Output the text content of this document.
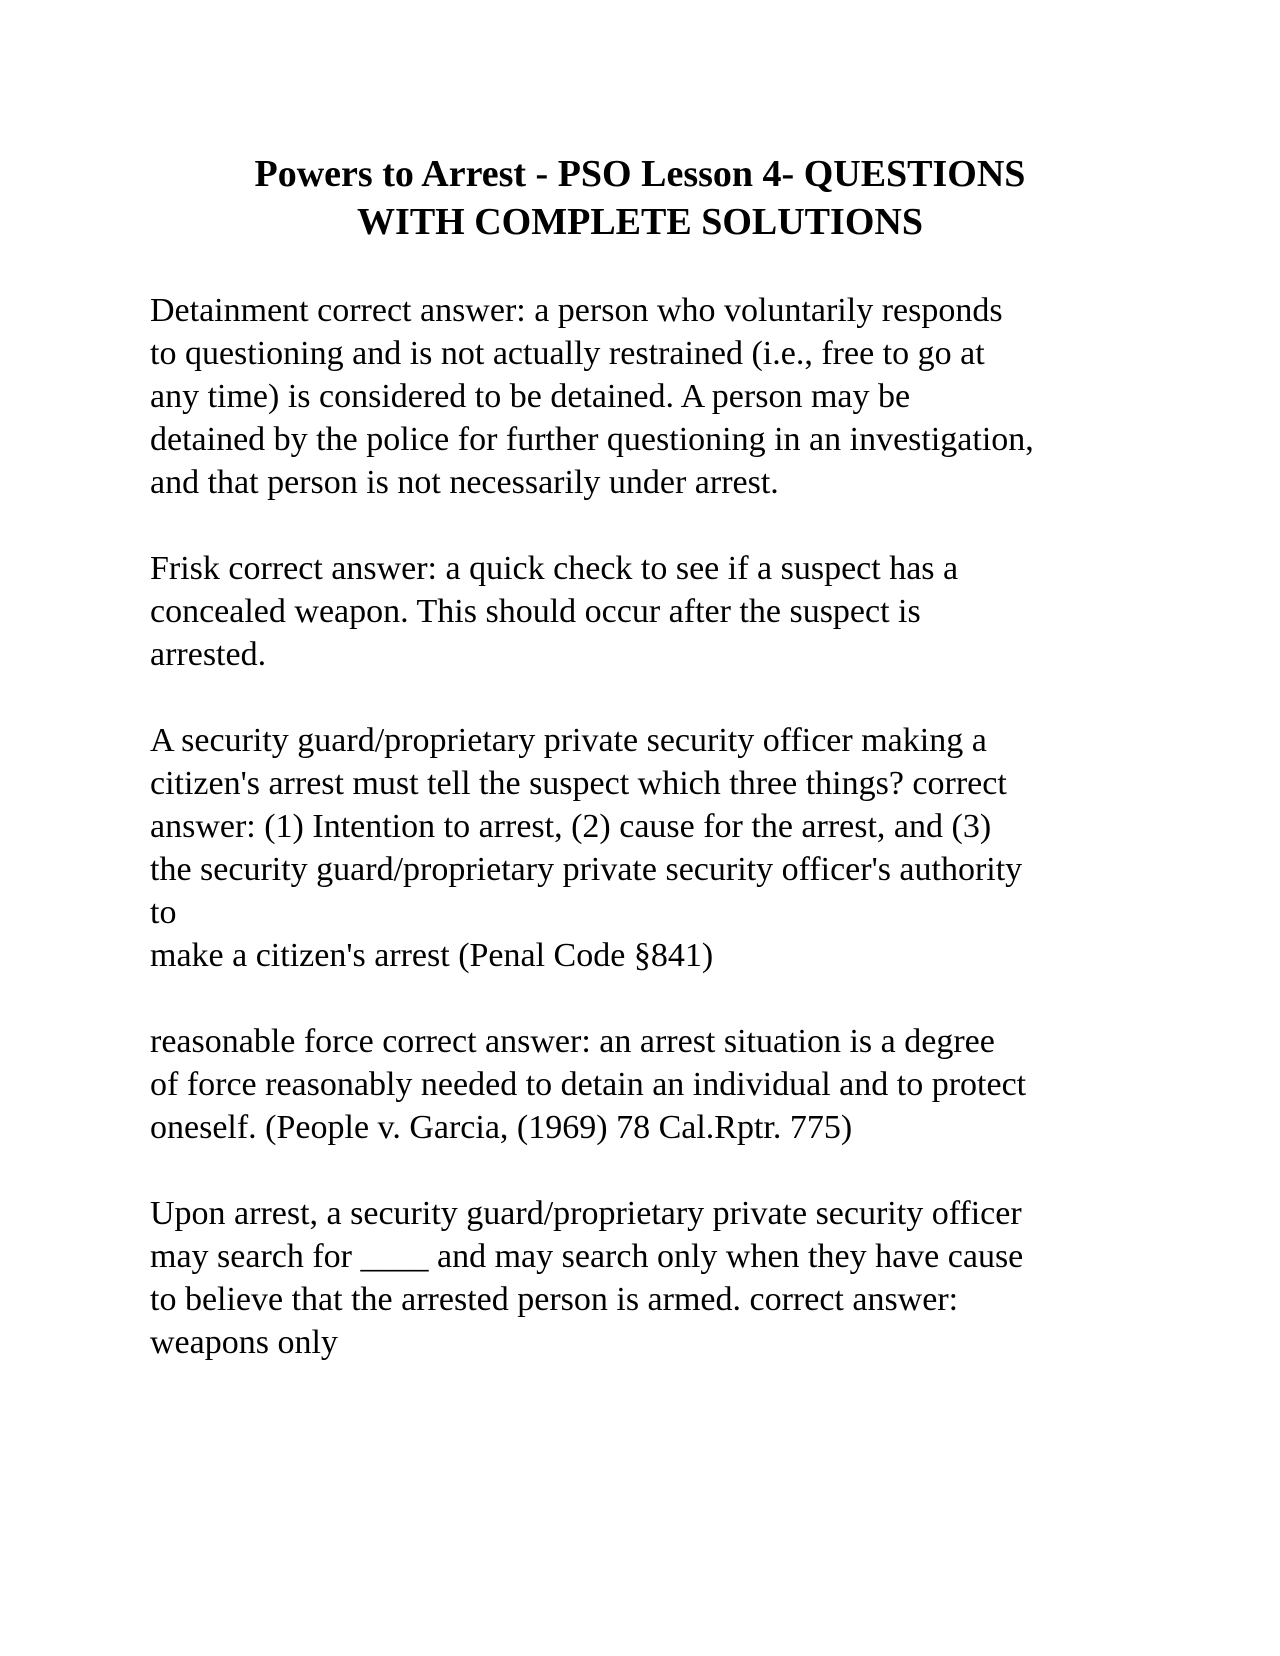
Powers to Arrest - PSO Lesson 4- QUESTIONS
WITH COMPLETE SOLUTIONS

Detainment correct answer: a person who voluntarily responds
to questioning and is not actually restrained (i.e., free to go at
any time) is considered to be detained. A person may be
detained by the police for further questioning in an investigation,
and that person is not necessarily under arrest.

Frisk correct answer: a quick check to see if a suspect has a
concealed weapon. This should occur after the suspect is
arrested.

A security guard/proprietary private security officer making a
citizen's arrest must tell the suspect which three things? correct
answer: (1) Intention to arrest, (2) cause for the arrest, and (3)
the security guard/proprietary private security officer's authority
to
make a citizen's arrest (Penal Code §841)

reasonable force correct answer: an arrest situation is a degree
of force reasonably needed to detain an individual and to protect
oneself. (People v. Garcia, (1969) 78 Cal.Rptr. 775)

Upon arrest, a security guard/proprietary private security officer
may search for ____ and may search only when they have cause
to believe that the arrested person is armed. correct answer:
weapons only
